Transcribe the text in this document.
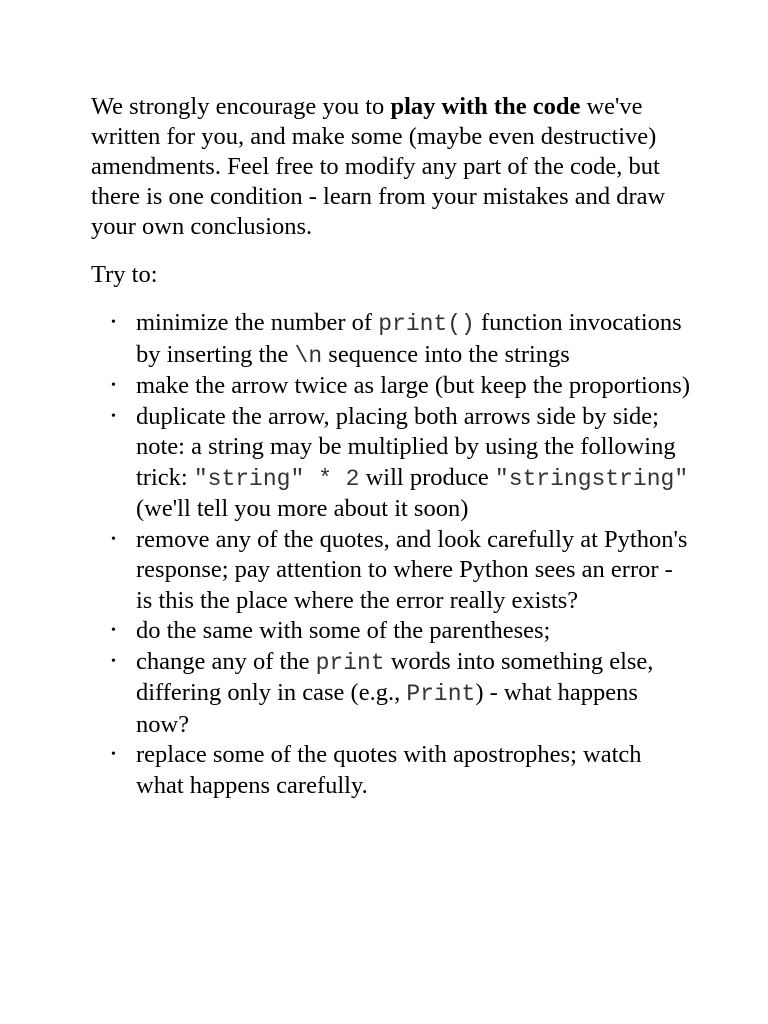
We strongly encourage you to play with the code we've written for you, and make some (maybe even destructive) amendments. Feel free to modify any part of the code, but there is one condition - learn from your mistakes and draw your own conclusions.

Try to:

• minimize the number of print() function invocations by inserting the \n sequence into the strings
• make the arrow twice as large (but keep the proportions)
• duplicate the arrow, placing both arrows side by side; note: a string may be multiplied by using the following trick: "string" * 2 will produce "stringstring" (we'll tell you more about it soon)
• remove any of the quotes, and look carefully at Python's response; pay attention to where Python sees an error - is this the place where the error really exists?
• do the same with some of the parentheses;
• change any of the print words into something else, differing only in case (e.g., Print) - what happens now?
• replace some of the quotes with apostrophes; watch what happens carefully.
